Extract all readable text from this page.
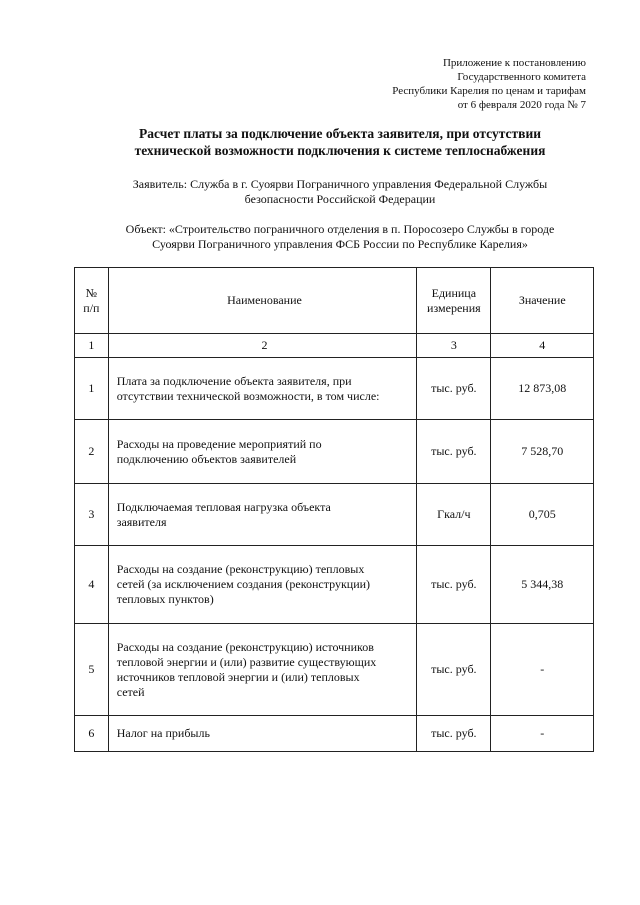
Приложение к постановлению
Государственного комитета
Республики Карелия по ценам и тарифам
от 6 февраля 2020 года № 7
Расчет платы за подключение объекта заявителя, при отсутствии
технической возможности подключения к системе теплоснабжения
Заявитель: Служба в г. Суоярви Пограничного управления Федеральной Службы
безопасности Российской Федерации
Объект: «Строительство пограничного отделения в п. Поросозеро Службы в городе
Суоярви Пограничного управления ФСБ России по Республике Карелия»
№
п/п	Наименование	Единица
измерения	Значение
1	2	3	4
1	Плата за подключение объекта заявителя, при
отсутствии технической возможности, в том числе:	тыс. руб.	12 873,08
2	Расходы на проведение мероприятий по
подключению объектов заявителей	тыс. руб.	7 528,70
3	Подключаемая тепловая нагрузка объекта
заявителя	Гкал/ч	0,705
4	Расходы на создание (реконструкцию) тепловых
сетей (за исключением создания (реконструкции)
тепловых пунктов)	тыс. руб.	5 344,38
5	Расходы на создание (реконструкцию) источников
тепловой энергии и (или) развитие существующих
источников тепловой энергии и (или) тепловых
сетей	тыс. руб.	-
6	Налог на прибыль	тыс. руб.	-
